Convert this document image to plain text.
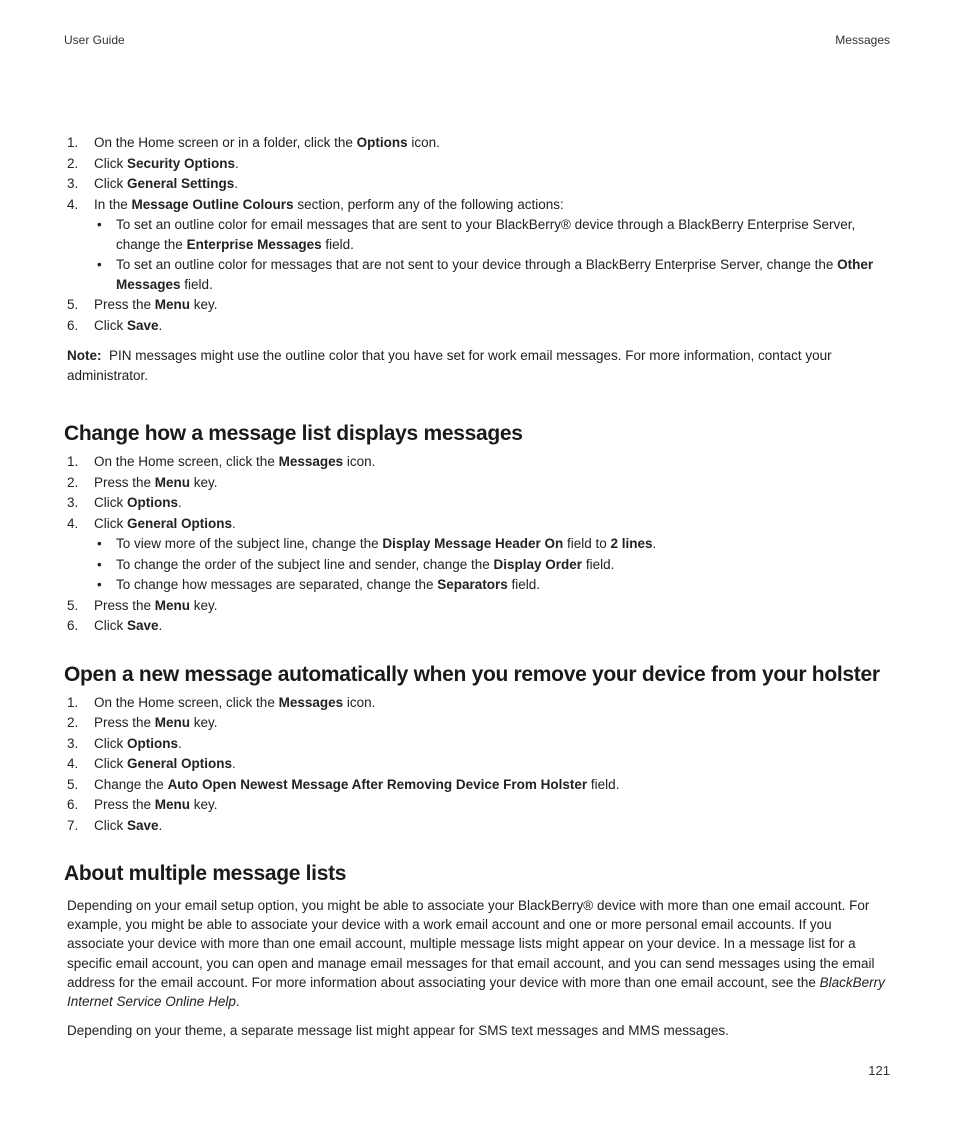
User Guide	Messages
1. On the Home screen or in a folder, click the Options icon.
2. Click Security Options.
3. Click General Settings.
4. In the Message Outline Colours section, perform any of the following actions:
• To set an outline color for email messages that are sent to your BlackBerry® device through a BlackBerry Enterprise Server, change the Enterprise Messages field.
• To set an outline color for messages that are not sent to your device through a BlackBerry Enterprise Server, change the Other Messages field.
5. Press the Menu key.
6. Click Save.
Note: PIN messages might use the outline color that you have set for work email messages. For more information, contact your administrator.
Change how a message list displays messages
1. On the Home screen, click the Messages icon.
2. Press the Menu key.
3. Click Options.
4. Click General Options.
• To view more of the subject line, change the Display Message Header On field to 2 lines.
• To change the order of the subject line and sender, change the Display Order field.
• To change how messages are separated, change the Separators field.
5. Press the Menu key.
6. Click Save.
Open a new message automatically when you remove your device from your holster
1. On the Home screen, click the Messages icon.
2. Press the Menu key.
3. Click Options.
4. Click General Options.
5. Change the Auto Open Newest Message After Removing Device From Holster field.
6. Press the Menu key.
7. Click Save.
About multiple message lists

Depending on your email setup option, you might be able to associate your BlackBerry® device with more than one email account. For example, you might be able to associate your device with a work email account and one or more personal email accounts. If you associate your device with more than one email account, multiple message lists might appear on your device. In a message list for a specific email account, you can open and manage email messages for that email account, and you can send messages using the email address for the email account. For more information about associating your device with more than one email account, see the BlackBerry Internet Service Online Help.

Depending on your theme, a separate message list might appear for SMS text messages and MMS messages.

121
